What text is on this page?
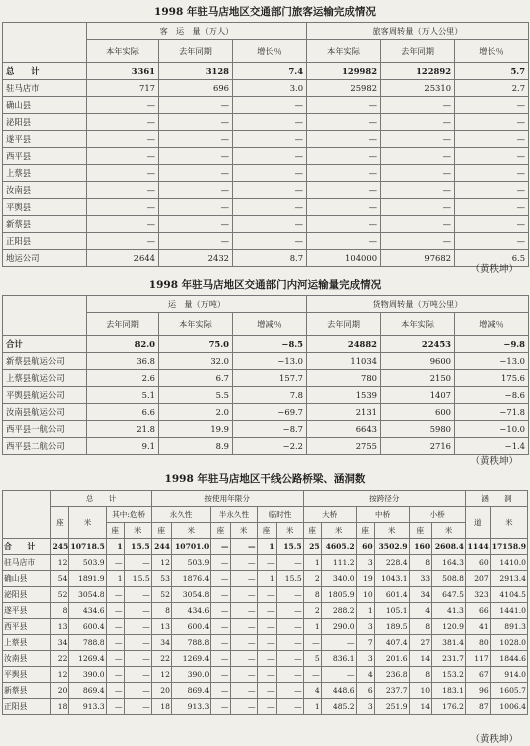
1998 年驻马店地区交通部门旅客运输完成情况
	客　运　量（万人）			旅客周转量（万人公里）		
	本年实际	去年同期	增长％	本年实际	去年同期	增长％
总　　计	3361	3128	7.4	129982	122892	5.7
驻马店市	717	696	3.0	25982	25310	2.7
确山县	—	—	—	—	—	—
泌阳县	—	—	—	—	—	—
遂平县	—	—	—	—	—	—
西平县	—	—	—	—	—	—
上蔡县	—	—	—	—	—	—
汝南县	—	—	—	—	—	—
平舆县	—	—	—	—	—	—
新蔡县	—	—	—	—	—	—
正阳县	—	—	—	—	—	—
地运公司	2644	2432	8.7	104000	97682	6.5
（黄秩坤）
1998 年驻马店地区交通部门内河运输量完成情况
	运　量（万吨）			货物周转量（万吨公里）		
	去年同期	本年实际	增减％	去年同期	本年实际	增减％
合计	82.0	75.0	−8.5	24882	22453	−9.8
新蔡县航运公司	36.8	32.0	−13.0	11034	9600	−13.0
上蔡县航运公司	2.6	6.7	157.7	780	2150	175.6
平舆县航运公司	5.1	5.5	7.8	1539	1407	−8.6
汝南县航运公司	6.6	2.0	−69.7	2131	600	−71.8
西平县一航公司	21.8	19.9	−8.7	6643	5980	−10.0
西平县二航公司	9.1	8.9	−2.2	2755	2716	−1.4
（黄秩坤）
1998 年驻马店地区干线公路桥梁、涵洞数
	总　　计				按使用年限分						按跨径分						涵　　洞	
	座	米	其中:危桥		永久性		半永久性		临时性		大桥		中桥		小桥		道	米
			座	米	座	米	座	米	座	米	座	米	座	米	座	米		
合　　计	245	10718.5	1	15.5	244	10701.0	—	—	1	15.5	25	4605.2	60	3502.9	160	2608.4	1144	17158.9
驻马店市	12	503.9	—	—	12	503.9	—	—	—	—	1	111.2	3	228.4	8	164.3	60	1410.0
确山县	54	1891.9	1	15.5	53	1876.4	—	—	1	15.5	2	340.0	19	1043.1	33	508.8	207	2913.4
泌阳县	52	3054.8	—	—	52	3054.8	—	—	—	—	8	1805.9	10	601.4	34	647.5	323	4104.5
遂平县	8	434.6	—	—	8	434.6	—	—	—	—	2	288.2	1	105.1	4	41.3	66	1441.0
西平县	13	600.4	—	—	13	600.4	—	—	—	—	1	290.0	3	189.5	8	120.9	41	891.3
上蔡县	34	788.8	—	—	34	788.8	—	—	—	—	—	—	7	407.4	27	381.4	80	1028.0
汝南县	22	1269.4	—	—	22	1269.4	—	—	—	—	5	836.1	3	201.6	14	231.7	117	1844.6
平舆县	12	390.0	—	—	12	390.0	—	—	—	—	—	—	4	236.8	8	153.2	67	914.0
新蔡县	20	869.4	—	—	20	869.4	—	—	—	—	4	448.6	6	237.7	10	183.1	96	1605.7
正阳县	18	913.3	—	—	18	913.3	—	—	—	—	1	485.2	3	251.9	14	176.2	87	1006.4
（黄秩坤）
